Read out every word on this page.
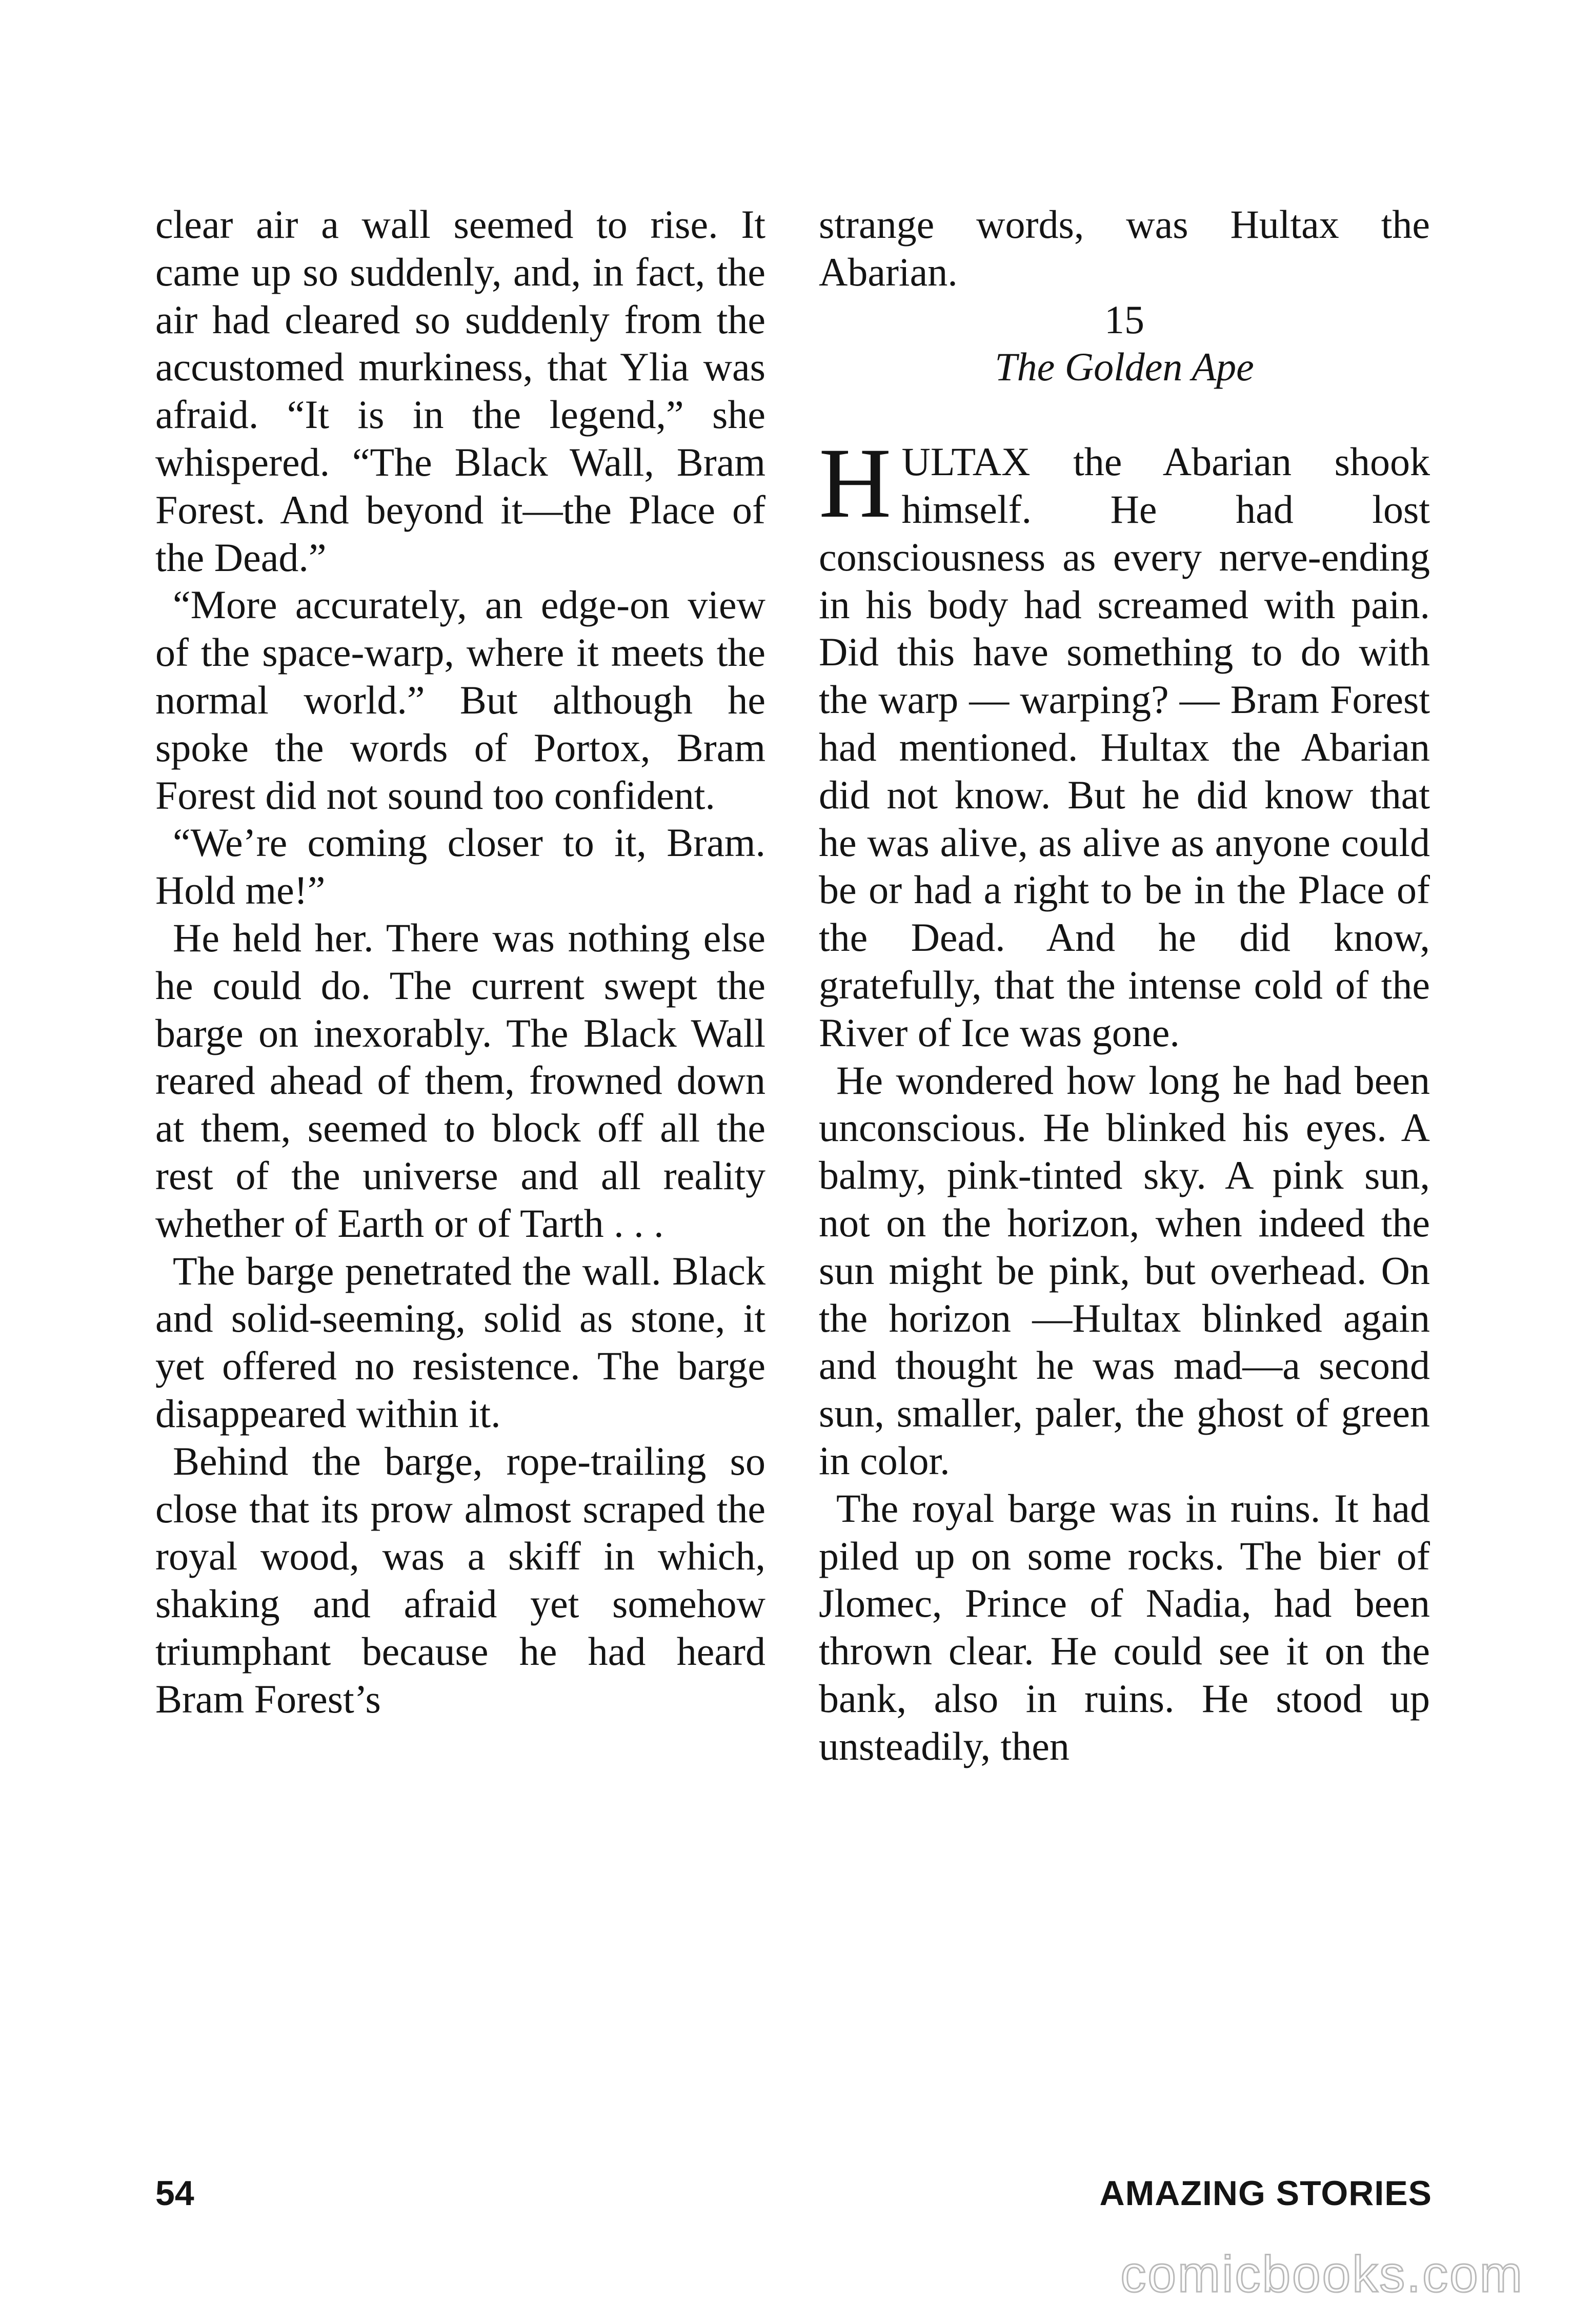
clear air a wall seemed to rise. It came up so suddenly, and, in fact, the air had cleared so suddenly from the accustomed murkiness, that Ylia was afraid. “It is in the legend,” she whispered. “The Black Wall, Bram Forest. And beyond it—the Place of the Dead.”

“More accurately, an edge-on view of the space-warp, where it meets the normal world.” But although he spoke the words of Portox, Bram Forest did not sound too confident.

“We’re coming closer to it, Bram. Hold me!”

He held her. There was nothing else he could do. The current swept the barge on inexorably. The Black Wall reared ahead of them, frowned down at them, seemed to block off all the rest of the universe and all reality whether of Earth or of Tarth . . .

The barge penetrated the wall. Black and solid-seeming, solid as stone, it yet offered no resistence. The barge disappeared within it.

Behind the barge, rope-trailing so close that its prow almost scraped the royal wood, was a skiff in which, shaking and afraid yet somehow triumphant because he had heard Bram Forest’s

strange words, was Hultax the Abarian.

15

The Golden Ape

HULTAX the Abarian shook himself. He had lost consciousness as every nerve-ending in his body had screamed with pain. Did this have something to do with the warp — warping? — Bram Forest had mentioned. Hultax the Abarian did not know. But he did know that he was alive, as alive as anyone could be or had a right to be in the Place of the Dead. And he did know, gratefully, that the intense cold of the River of Ice was gone.

He wondered how long he had been unconscious. He blinked his eyes. A balmy, pink-tinted sky. A pink sun, not on the horizon, when indeed the sun might be pink, but overhead. On the horizon —Hultax blinked again and thought he was mad—a second sun, smaller, paler, the ghost of green in color.

The royal barge was in ruins. It had piled up on some rocks. The bier of Jlomec, Prince of Nadia, had been thrown clear. He could see it on the bank, also in ruins. He stood up unsteadily, then

54	AMAZING STORIES
comicbooks.com
